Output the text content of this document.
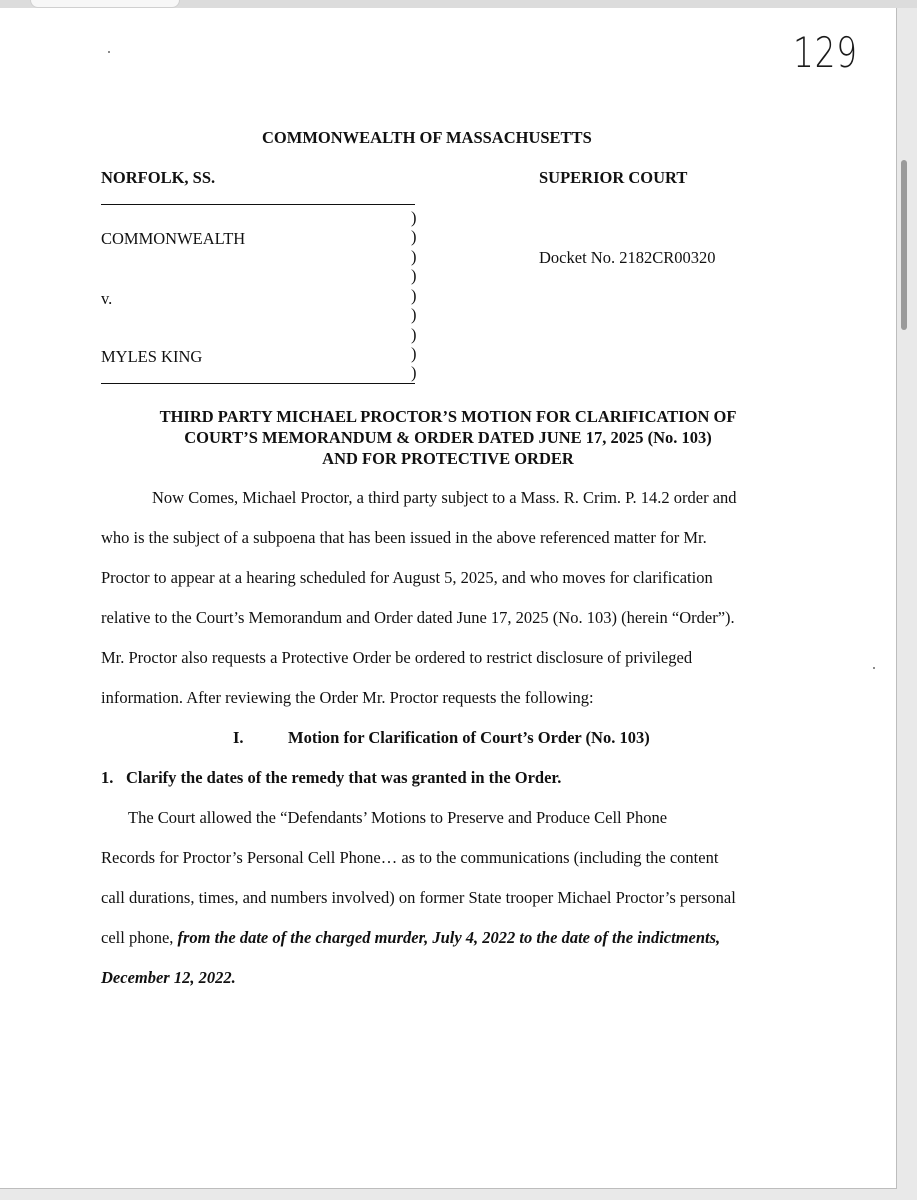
129
COMMONWEALTH OF MASSACHUSETTS
NORFOLK, SS.	SUPERIOR COURT
)
)
)
)
)
)
)
)
)
COMMONWEALTH
v.
MYLES KING
Docket No. 2182CR00320
THIRD PARTY MICHAEL PROCTOR’S MOTION FOR CLARIFICATION OF
COURT’S MEMORANDUM & ORDER DATED JUNE 17, 2025 (No. 103)
AND FOR PROTECTIVE ORDER
Now Comes, Michael Proctor, a third party subject to a Mass. R. Crim. P. 14.2 order and
who is the subject of a subpoena that has been issued in the above referenced matter for Mr.
Proctor to appear at a hearing scheduled for August 5, 2025, and who moves for clarification
relative to the Court’s Memorandum and Order dated June 17, 2025 (No. 103) (herein “Order”).
Mr. Proctor also requests a Protective Order be ordered to restrict disclosure of privileged
information. After reviewing the Order Mr. Proctor requests the following:
I.	Motion for Clarification of Court’s Order (No. 103)
1. Clarify the dates of the remedy that was granted in the Order.
The Court allowed the “Defendants’ Motions to Preserve and Produce Cell Phone
Records for Proctor’s Personal Cell Phone… as to the communications (including the content
call durations, times, and numbers involved) on former State trooper Michael Proctor’s personal
cell phone, from the date of the charged murder, July 4, 2022 to the date of the indictments,
December 12, 2022.
